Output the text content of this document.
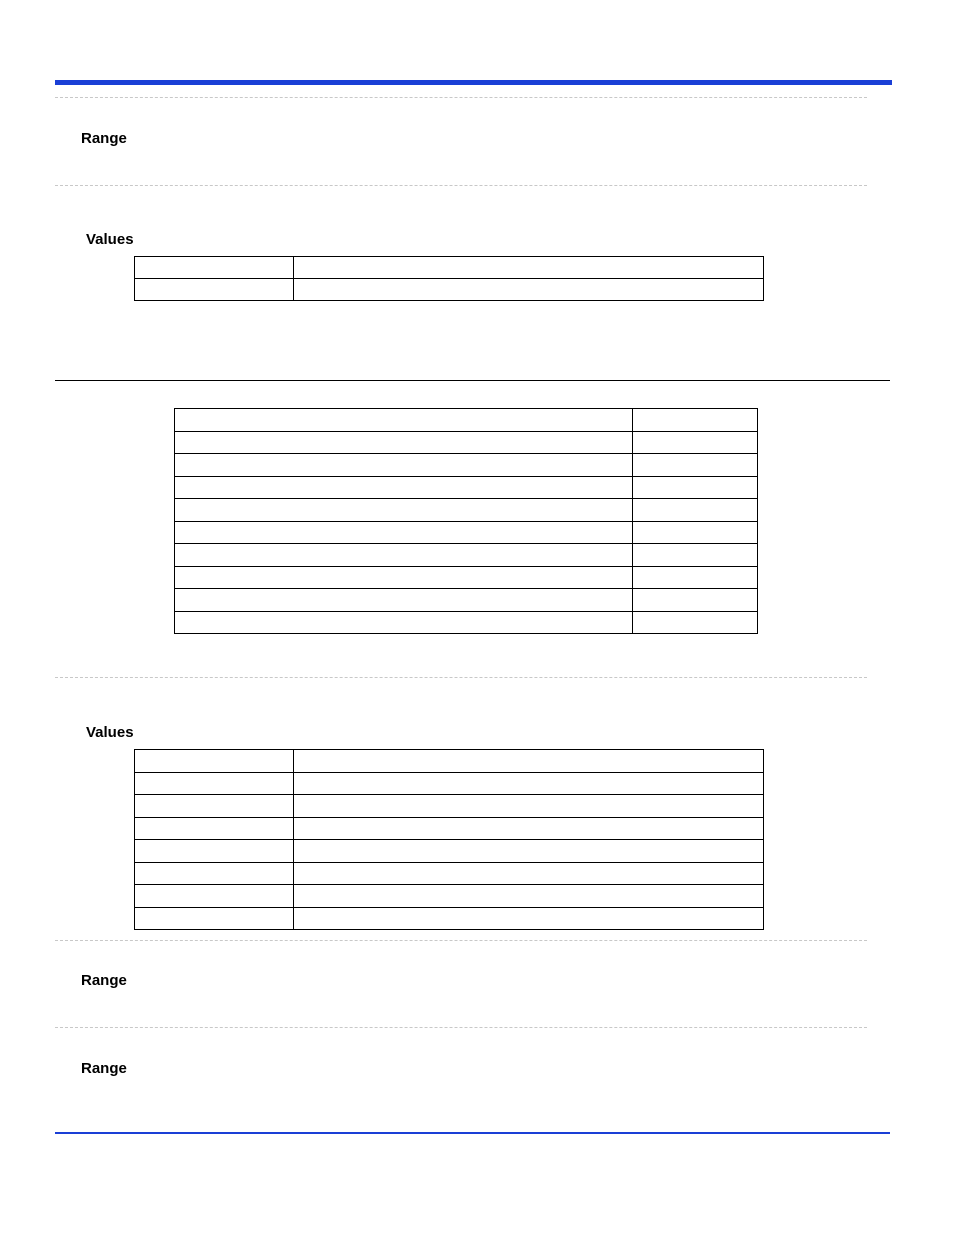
Range
Values

Values

Range
Range
